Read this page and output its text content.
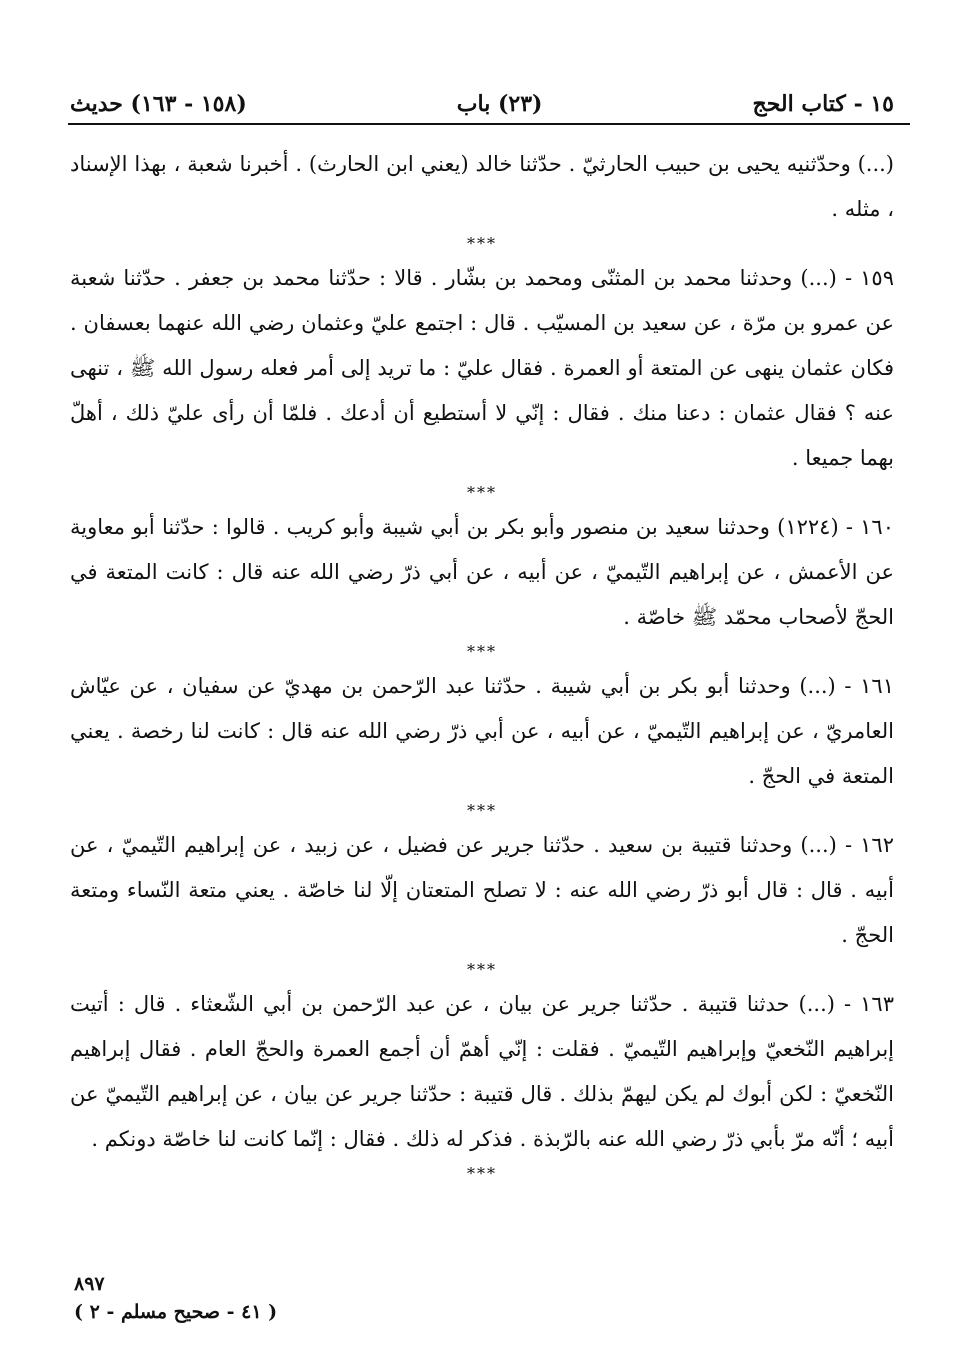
١٥ - كتاب الحج
(٢٣) باب
(١٥٨ - ١٦٣) حديث

(...) وحدّثنيه يحيى بن حبيب الحارثيّ . حدّثنا خالد (يعني ابن الحارث) . أخبرنا شعبة ، بهذا الإسناد ، مثله .

***

١٥٩ - (...) وحدثنا محمد بن المثنّى ومحمد بن بشّار . قالا : حدّثنا محمد بن جعفر . حدّثنا شعبة عن عمرو بن مرّة ، عن سعيد بن المسيّب . قال : اجتمع عليّ وعثمان رضي الله عنهما بعسفان . فكان عثمان ينهى عن المتعة أو العمرة . فقال عليّ : ما تريد إلى أمر فعله رسول الله ﷺ ، تنهى عنه ؟ فقال عثمان : دعنا منك . فقال : إنّي لا أستطيع أن أدعك . فلمّا أن رأى عليّ ذلك ، أهلّ بهما جميعا .

***

١٦٠ - (١٢٢٤) وحدثنا سعيد بن منصور وأبو بكر بن أبي شيبة وأبو كريب . قالوا : حدّثنا أبو معاوية عن الأعمش ، عن إبراهيم التّيميّ ، عن أبيه ، عن أبي ذرّ رضي الله عنه قال : كانت المتعة في الحجّ لأصحاب محمّد ﷺ خاصّة .

***

١٦١ - (...) وحدثنا أبو بكر بن أبي شيبة . حدّثنا عبد الرّحمن بن مهديّ عن سفيان ، عن عيّاش العامريّ ، عن إبراهيم التّيميّ ، عن أبيه ، عن أبي ذرّ رضي الله عنه قال : كانت لنا رخصة . يعني المتعة في الحجّ .

***

١٦٢ - (...) وحدثنا قتيبة بن سعيد . حدّثنا جرير عن فضيل ، عن زبيد ، عن إبراهيم التّيميّ ، عن أبيه . قال : قال أبو ذرّ رضي الله عنه : لا تصلح المتعتان إلّا لنا خاصّة . يعني متعة النّساء ومتعة الحجّ .

***

١٦٣ - (...) حدثنا قتيبة . حدّثنا جرير عن بيان ، عن عبد الرّحمن بن أبي الشّعثاء . قال : أتيت إبراهيم النّخعيّ وإبراهيم التّيميّ . فقلت : إنّي أهمّ أن أجمع العمرة والحجّ العام . فقال إبراهيم النّخعيّ : لكن أبوك لم يكن ليهمّ بذلك . قال قتيبة : حدّثنا جرير عن بيان ، عن إبراهيم التّيميّ عن أبيه ؛ أنّه مرّ بأبي ذرّ رضي الله عنه بالرّبذة . فذكر له ذلك . فقال : إنّما كانت لنا خاصّة دونكم .

***
٨٩٧
( ٤١ - صحيح مسلم - ٢ )
